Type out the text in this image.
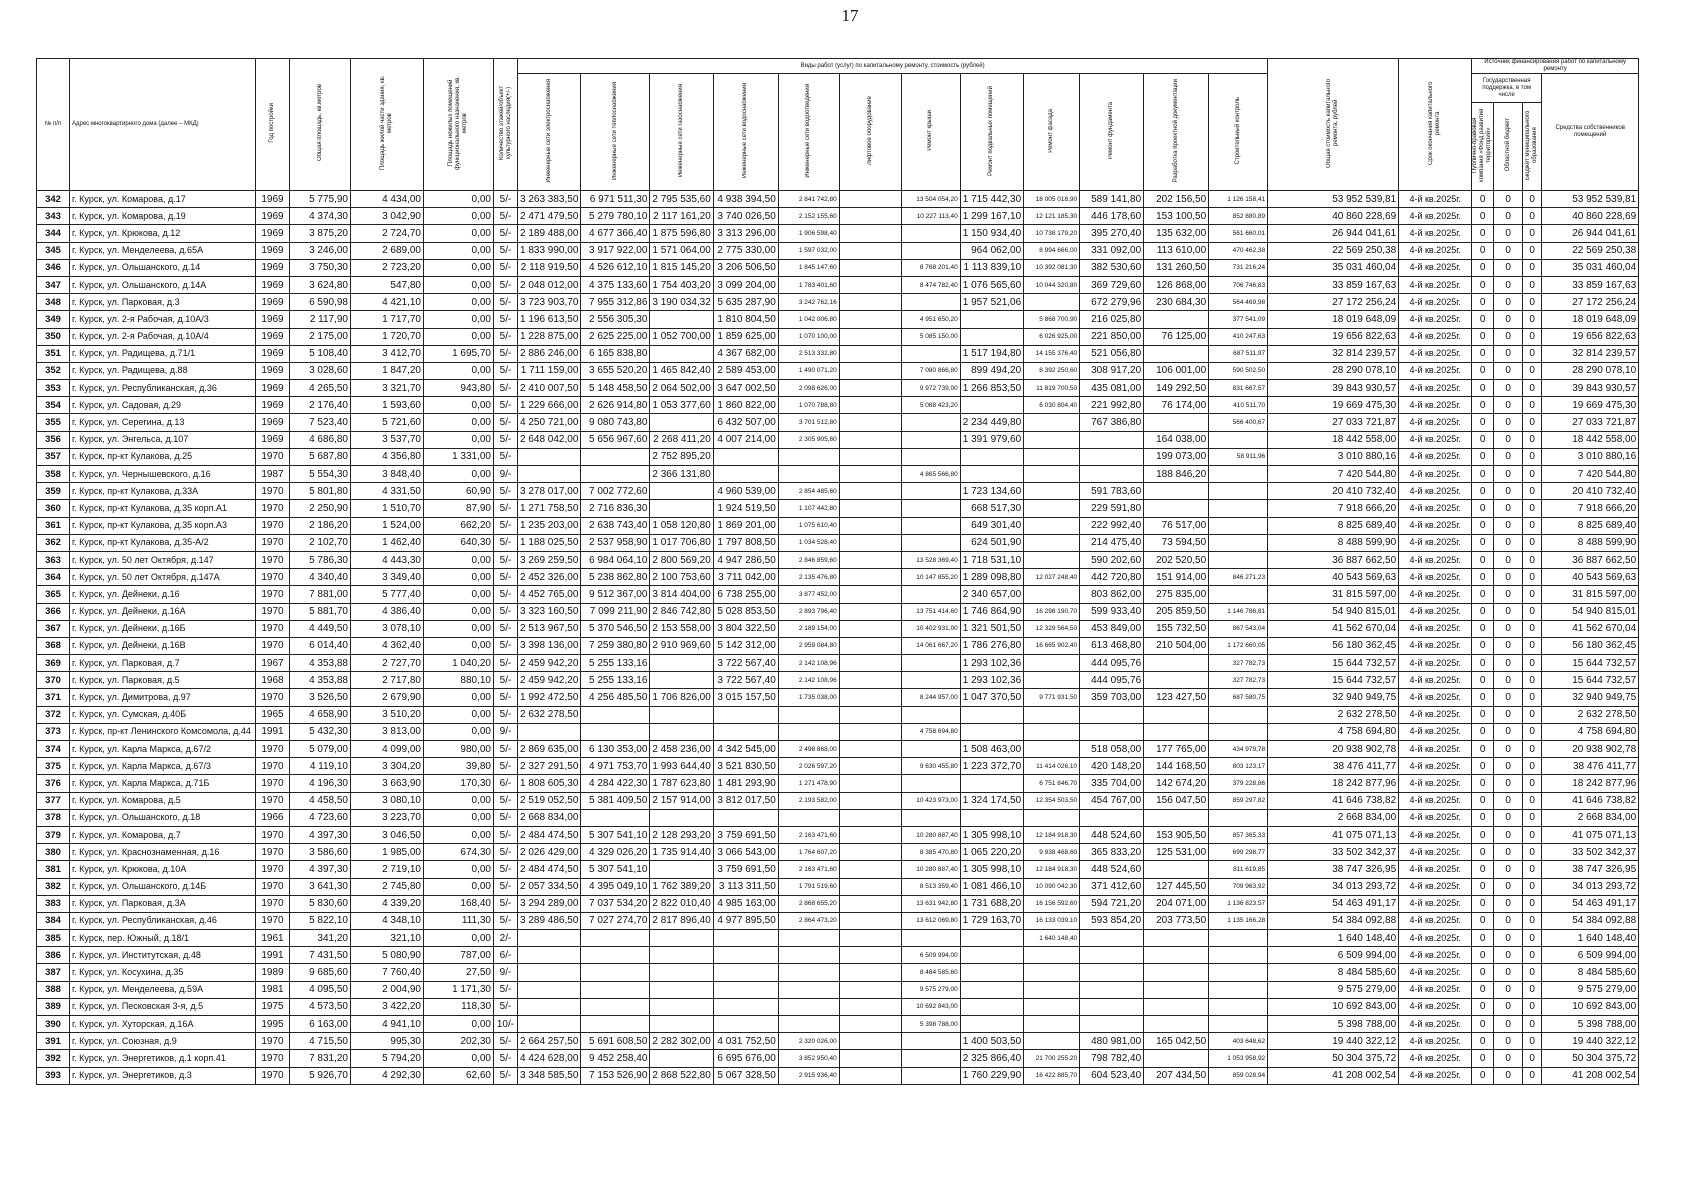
17
№ п/п	Адрес многоквартирного дома (далее – МКД)	Год постройки	Общая площадь, кв.метров	Площадь жилой части здания, кв. метров	Площадь нежилых помещений функционального назначения, кв. метров	Количество этажей/объект культурного наследия(+/-)	Виды работ (услуг) по капитальному ремонту, стоимость (рублей)												Общая стоимость капитального ремонта, рублей	Срок окончания капитального ремонта	Источник финансирования работ по капитальному ремонту			
							Инженерные сети электроснабжения	Инженерные сети теплоснабжения	Инженерные сети газоснабжения	Инженерные сети водоснабжения	Инженерные сети водоотведения	Лифтовое оборудование	Ремонт крыши	Ремонт подвальных помещений	Ремонт фасада	Ремонт фундамента	Разработка проектной документации	Строительный контроль			Государственная поддержка, в том числе			Средства собственников помещений
																					Публично-правовая компания «Фонд развития территорий»	Областной бюджет	Бюджет муниципального образования	
342	г. Курск, ул. Комарова, д.17	1969	5 775,90	4 434,00	0,00	5/-	3 263 383,50	6 971 511,30	2 795 535,60	4 938 394,50	2 841 742,80		13 504 054,20	1 715 442,30	18 005 018,90	589 141,80	202 156,50	1 126 158,41	53 952 539,81	4-й кв.2025г.	0	0	0	53 952 539,81
343	г. Курск, ул. Комарова, д.19	1969	4 374,30	3 042,90	0,00	5/-	2 471 479,50	5 279 780,10	2 117 161,20	3 740 026,50	2 152 155,60		10 227 113,40	1 299 167,10	12 121 185,30	446 178,60	153 100,50	852 880,89	40 860 228,69	4-й кв.2025г.	0	0	0	40 860 228,69
344	г. Курск, ул. Крюкова, д.12	1969	3 875,20	2 724,70	0,00	5/-	2 189 488,00	4 677 366,40	1 875 596,80	3 313 296,00	1 906 598,40			1 150 934,40	10 738 179,20	395 270,40	135 632,00	561 660,01	26 944 041,61	4-й кв.2025г.	0	0	0	26 944 041,61
345	г. Курск, ул. Менделеева, д.65А	1969	3 246,00	2 689,00	0,00	5/-	1 833 990,00	3 917 922,00	1 571 064,00	2 775 330,00	1 597 032,00			964 062,00	8 994 666,00	331 092,00	113 610,00	470 462,38	22 569 250,38	4-й кв.2025г.	0	0	0	22 569 250,38
346	г. Курск, ул. Ольшанского, д.14	1969	3 750,30	2 723,20	0,00	5/-	2 118 919,50	4 526 612,10	1 815 145,20	3 206 506,50	1 845 147,60		8 768 201,40	1 113 839,10	10 392 081,30	382 530,60	131 260,50	731 216,24	35 031 460,04	4-й кв.2025г.	0	0	0	35 031 460,04
347	г. Курск, ул. Ольшанского, д.14А	1969	3 624,80	547,80	0,00	5/-	2 048 012,00	4 375 133,60	1 754 403,20	3 099 204,00	1 783 401,60		8 474 782,40	1 076 565,60	10 044 320,80	369 729,60	126 868,00	706 746,83	33 859 167,63	4-й кв.2025г.	0	0	0	33 859 167,63
348	г. Курск, ул. Парковая, д.3	1969	6 590,98	4 421,10	0,00	5/-	3 723 903,70	7 955 312,86	3 190 034,32	5 635 287,90	3 242 762,16			1 957 521,06		672 279,96	230 684,30	564 469,98	27 172 256,24	4-й кв.2025г.	0	0	0	27 172 256,24
349	г. Курск, ул. 2-я Рабочая, д.10А/3	1969	2 117,90	1 717,70	0,00	5/-	1 196 613,50	2 556 305,30		1 810 804,50	1 042 006,80		4 951 650,20		5 868 700,90	216 025,80		377 541,09	18 019 648,09	4-й кв.2025г.	0	0	0	18 019 648,09
350	г. Курск, ул. 2-я Рабочая, д.10А/4	1969	2 175,00	1 720,70	0,00	5/-	1 228 875,00	2 625 225,00	1 052 700,00	1 859 625,00	1 070 100,00		5 085 150,00		6 026 925,00	221 850,00	76 125,00	410 247,63	19 656 822,63	4-й кв.2025г.	0	0	0	19 656 822,63
351	г. Курск, ул. Радищева, д.71/1	1969	5 108,40	3 412,70	1 695,70	5/-	2 886 246,00	6 165 838,80		4 367 682,00	2 513 332,80			1 517 194,80	14 155 376,40	521 056,80		687 511,97	32 814 239,57	4-й кв.2025г.	0	0	0	32 814 239,57
352	г. Курск, ул. Радищева, д.88	1969	3 028,60	1 847,20	0,00	5/-	1 711 159,00	3 655 520,20	1 465 842,40	2 589 453,00	1 490 071,20		7 080 866,80	899 494,20	8 392 250,60	308 917,20	106 001,00	590 502,50	28 290 078,10	4-й кв.2025г.	0	0	0	28 290 078,10
353	г. Курск, ул. Республиканская, д.36	1969	4 265,50	3 321,70	943,80	5/-	2 410 007,50	5 148 458,50	2 064 502,00	3 647 002,50	2 098 626,00		9 972 739,00	1 266 853,50	11 819 700,50	435 081,00	149 292,50	831 667,57	39 843 930,57	4-й кв.2025г.	0	0	0	39 843 930,57
354	г. Курск, ул. Садовая, д.29	1969	2 176,40	1 593,60	0,00	5/-	1 229 666,00	2 626 914,80	1 053 377,60	1 860 822,00	1 070 788,80		5 088 423,20		6 030 804,40	221 992,80	76 174,00	410 511,70	19 669 475,30	4-й кв.2025г.	0	0	0	19 669 475,30
355	г. Курск, ул. Серегина, д.13	1969	7 523,40	5 721,60	0,00	5/-	4 250 721,00	9 080 743,80		6 432 507,00	3 701 512,80			2 234 449,80		767 386,80		566 400,67	27 033 721,87	4-й кв.2025г.	0	0	0	27 033 721,87
356	г. Курск, ул. Энгельса, д.107	1969	4 686,80	3 537,70	0,00	5/-	2 648 042,00	5 656 967,60	2 268 411,20	4 007 214,00	2 305 905,60			1 391 979,60			164 038,00		18 442 558,00	4-й кв.2025г.	0	0	0	18 442 558,00
357	г. Курск, пр-кт Кулакова, д.25	1970	5 687,80	4 356,80	1 331,00	5/-			2 752 895,20								199 073,00	58 911,96	3 010 880,16	4-й кв.2025г.	0	0	0	3 010 880,16
358	г. Курск, ул. Чернышевского, д.16	1987	5 554,30	3 848,40	0,00	9/-			2 366 131,80				4 865 566,80				188 846,20		7 420 544,80	4-й кв.2025г.	0	0	0	7 420 544,80
359	г. Курск, пр-кт Кулакова, д.33А	1970	5 801,80	4 331,50	60,90	5/-	3 278 017,00	7 002 772,60		4 960 539,00	2 854 485,60			1 723 134,60		591 783,60			20 410 732,40	4-й кв.2025г.	0	0	0	20 410 732,40
360	г. Курск, пр-кт Кулакова, д.35 корп.А1	1970	2 250,90	1 510,70	87,90	5/-	1 271 758,50	2 716 836,30		1 924 519,50	1 107 442,80			668 517,30		229 591,80			7 918 666,20	4-й кв.2025г.	0	0	0	7 918 666,20
361	г. Курск, пр-кт Кулакова, д.35 корп.А3	1970	2 186,20	1 524,00	662,20	5/-	1 235 203,00	2 638 743,40	1 058 120,80	1 869 201,00	1 075 610,40			649 301,40		222 992,40	76 517,00		8 825 689,40	4-й кв.2025г.	0	0	0	8 825 689,40
362	г. Курск, пр-кт Кулакова, д.35-А/2	1970	2 102,70	1 462,40	640,30	5/-	1 188 025,50	2 537 958,90	1 017 706,80	1 797 808,50	1 034 528,40			624 501,90		214 475,40	73 594,50		8 488 599,90	4-й кв.2025г.	0	0	0	8 488 599,90
363	г. Курск, ул. 50 лет Октября, д.147	1970	5 786,30	4 443,30	0,00	5/-	3 269 259,50	6 984 064,10	2 800 569,20	4 947 286,50	2 846 859,60		13 528 369,40	1 718 531,10		590 202,60	202 520,50		36 887 662,50	4-й кв.2025г.	0	0	0	36 887 662,50
364	г. Курск, ул. 50 лет Октября, д.147А	1970	4 340,40	3 349,40	0,00	5/-	2 452 326,00	5 238 862,80	2 100 753,60	3 711 042,00	2 135 476,80		10 147 855,20	1 289 098,80	12 027 248,40	442 720,80	151 914,00	846 271,23	40 543 569,63	4-й кв.2025г.	0	0	0	40 543 569,63
365	г. Курск, ул. Дейнеки, д.16	1970	7 881,00	5 777,40	0,00	5/-	4 452 765,00	9 512 367,00	3 814 404,00	6 738 255,00	3 877 452,00			2 340 657,00		803 862,00	275 835,00		31 815 597,00	4-й кв.2025г.	0	0	0	31 815 597,00
366	г. Курск, ул. Дейнеки, д.16А	1970	5 881,70	4 386,40	0,00	5/-	3 323 160,50	7 099 211,90	2 846 742,80	5 028 853,50	2 893 796,40		13 751 414,60	1 746 864,90	16 298 190,70	599 933,40	205 859,50	1 146 786,81	54 940 815,01	4-й кв.2025г.	0	0	0	54 940 815,01
367	г. Курск, ул. Дейнеки, д.16Б	1970	4 449,50	3 078,10	0,00	5/-	2 513 967,50	5 370 546,50	2 153 558,00	3 804 322,50	2 189 154,00		10 402 931,00	1 321 501,50	12 329 564,50	453 849,00	155 732,50	867 543,04	41 562 670,04	4-й кв.2025г.	0	0	0	41 562 670,04
368	г. Курск, ул. Дейнеки, д.16В	1970	6 014,40	4 362,40	0,00	5/-	3 398 136,00	7 259 380,80	2 910 969,60	5 142 312,00	2 959 084,80		14 061 667,20	1 786 276,80	16 665 902,40	613 468,80	210 504,00	1 172 660,05	56 180 362,45	4-й кв.2025г.	0	0	0	56 180 362,45
369	г. Курск, ул. Парковая, д.7	1967	4 353,88	2 727,70	1 040,20	5/-	2 459 942,20	5 255 133,16		3 722 567,40	2 142 108,96			1 293 102,36		444 095,76		327 782,73	15 644 732,57	4-й кв.2025г.	0	0	0	15 644 732,57
370	г. Курск, ул. Парковая, д.5	1968	4 353,88	2 717,80	880,10	5/-	2 459 942,20	5 255 133,16		3 722 567,40	2 142 108,96			1 293 102,36		444 095,76		327 782,73	15 644 732,57	4-й кв.2025г.	0	0	0	15 644 732,57
371	г. Курск, ул. Димитрова, д.97	1970	3 526,50	2 679,90	0,00	5/-	1 992 472,50	4 256 485,50	1 706 826,00	3 015 157,50	1 735 038,00		8 244 957,00	1 047 370,50	9 771 931,50	359 703,00	123 427,50	687 580,75	32 940 949,75	4-й кв.2025г.	0	0	0	32 940 949,75
372	г. Курск, ул. Сумская, д.40Б	1965	4 658,90	3 510,20	0,00	5/-	2 632 278,50												2 632 278,50	4-й кв.2025г.	0	0	0	2 632 278,50
373	г. Курск, пр-кт Ленинского Комсомола, д.44	1991	5 432,30	3 813,00	0,00	9/-							4 758 694,80						4 758 694,80	4-й кв.2025г.	0	0	0	4 758 694,80
374	г. Курск, ул. Карла Маркса, д.67/2	1970	5 079,00	4 099,00	980,00	5/-	2 869 635,00	6 130 353,00	2 458 236,00	4 342 545,00	2 498 868,00			1 508 463,00		518 058,00	177 765,00	434 979,78	20 938 902,78	4-й кв.2025г.	0	0	0	20 938 902,78
375	г. Курск, ул. Карла Маркса, д.67/3	1970	4 119,10	3 304,20	39,80	5/-	2 327 291,50	4 971 753,70	1 993 644,40	3 521 830,50	2 026 597,20		9 630 455,80	1 223 372,70	11 414 026,10	420 148,20	144 168,50	803 123,17	38 476 411,77	4-й кв.2025г.	0	0	0	38 476 411,77
376	г. Курск, ул. Карла Маркса, д.71Б	1970	4 196,30	3 663,90	170,30	6/-	1 808 605,30	4 284 422,30	1 787 623,80	1 481 293,90	1 271 478,90				6 751 846,70	335 704,00	142 674,20	379 228,86	18 242 877,96	4-й кв.2025г.	0	0	0	18 242 877,96
377	г. Курск, ул. Комарова, д.5	1970	4 458,50	3 080,10	0,00	5/-	2 519 052,50	5 381 409,50	2 157 914,00	3 812 017,50	2 193 582,00		10 423 973,00	1 324 174,50	12 354 503,50	454 767,00	156 047,50	859 297,82	41 646 738,82	4-й кв.2025г.	0	0	0	41 646 738,82
378	г. Курск, ул. Ольшанского, д.18	1966	4 723,60	3 223,70	0,00	5/-	2 668 834,00												2 668 834,00	4-й кв.2025г.	0	0	0	2 668 834,00
379	г. Курск, ул. Комарова, д.7	1970	4 397,30	3 046,50	0,00	5/-	2 484 474,50	5 307 541,10	2 128 293,20	3 759 691,50	2 163 471,60		10 280 887,40	1 305 998,10	12 184 918,30	448 524,60	153 905,50	857 365,33	41 075 071,13	4-й кв.2025г.	0	0	0	41 075 071,13
380	г. Курск, ул. Краснознаменная, д.16	1970	3 586,60	1 985,00	674,30	5/-	2 026 429,00	4 329 026,20	1 735 914,40	3 066 543,00	1 764 607,20		8 385 470,80	1 065 220,20	9 938 468,60	365 833,20	125 531,00	699 298,77	33 502 342,37	4-й кв.2025г.	0	0	0	33 502 342,37
381	г. Курск, ул. Крюкова, д.10А	1970	4 397,30	2 719,10	0,00	5/-	2 484 474,50	5 307 541,10		3 759 691,50	2 163 471,60		10 280 887,40	1 305 998,10	12 184 918,30	448 524,60		811 619,85	38 747 326,95	4-й кв.2025г.	0	0	0	38 747 326,95
382	г. Курск, ул. Ольшанского, д.14Б	1970	3 641,30	2 745,80	0,00	5/-	2 057 334,50	4 395 049,10	1 762 389,20	3 113 311,50	1 791 519,60		8 513 359,40	1 081 466,10	10 090 042,30	371 412,60	127 445,50	709 963,92	34 013 293,72	4-й кв.2025г.	0	0	0	34 013 293,72
383	г. Курск, ул. Парковая, д.3А	1970	5 830,60	4 339,20	168,40	5/-	3 294 289,00	7 037 534,20	2 822 010,40	4 985 163,00	2 868 655,20		13 631 942,80	1 731 688,20	16 156 592,60	594 721,20	204 071,00	1 136 823,57	54 463 491,17	4-й кв.2025г.	0	0	0	54 463 491,17
384	г. Курск, ул. Республиканская, д.46	1970	5 822,10	4 348,10	111,30	5/-	3 289 486,50	7 027 274,70	2 817 896,40	4 977 895,50	2 864 473,20		13 612 069,80	1 729 163,70	16 133 039,10	593 854,20	203 773,50	1 135 166,28	54 384 092,88	4-й кв.2025г.	0	0	0	54 384 092,88
385	г. Курск, пер. Южный, д.18/1	1961	341,20	321,10	0,00	2/-									1 640 148,40				1 640 148,40	4-й кв.2025г.	0	0	0	1 640 148,40
386	г. Курск, ул. Институтская, д.48	1991	7 431,50	5 080,90	787,00	6/-							6 509 994,00						6 509 994,00	4-й кв.2025г.	0	0	0	6 509 994,00
387	г. Курск, ул. Косухина, д.35	1989	9 685,60	7 760,40	27,50	9/-							8 484 585,60						8 484 585,60	4-й кв.2025г.	0	0	0	8 484 585,60
388	г. Курск, ул. Менделеева, д.59А	1981	4 095,50	2 004,90	1 171,30	5/-							9 575 279,00						9 575 279,00	4-й кв.2025г.	0	0	0	9 575 279,00
389	г. Курск, ул. Песковская 3-я, д.5	1975	4 573,50	3 422,20	118,30	5/-							10 692 843,00						10 692 843,00	4-й кв.2025г.	0	0	0	10 692 843,00
390	г. Курск, ул. Хуторская, д.16А	1995	6 163,00	4 941,10	0,00	10/-							5 398 788,00						5 398 788,00	4-й кв.2025г.	0	0	0	5 398 788,00
391	г. Курск, ул. Союзная, д.9	1970	4 715,50	995,30	202,30	5/-	2 664 257,50	5 691 608,50	2 282 302,00	4 031 752,50	2 320 026,00			1 400 503,50		480 981,00	165 042,50	403 648,62	19 440 322,12	4-й кв.2025г.	0	0	0	19 440 322,12
392	г. Курск, ул. Энергетиков, д.1 корп.41	1970	7 831,20	5 794,20	0,00	5/-	4 424 628,00	9 452 258,40		6 695 676,00	3 852 950,40			2 325 866,40	21 700 255,20	798 782,40		1 053 958,92	50 304 375,72	4-й кв.2025г.	0	0	0	50 304 375,72
393	г. Курск, ул. Энергетиков, д.3	1970	5 926,70	4 292,30	62,60	5/-	3 348 585,50	7 153 526,90	2 868 522,80	5 067 328,50	2 915 936,40			1 760 229,90	16 422 885,70	604 523,40	207 434,50	859 028,94	41 208 002,54	4-й кв.2025г.	0	0	0	41 208 002,54
